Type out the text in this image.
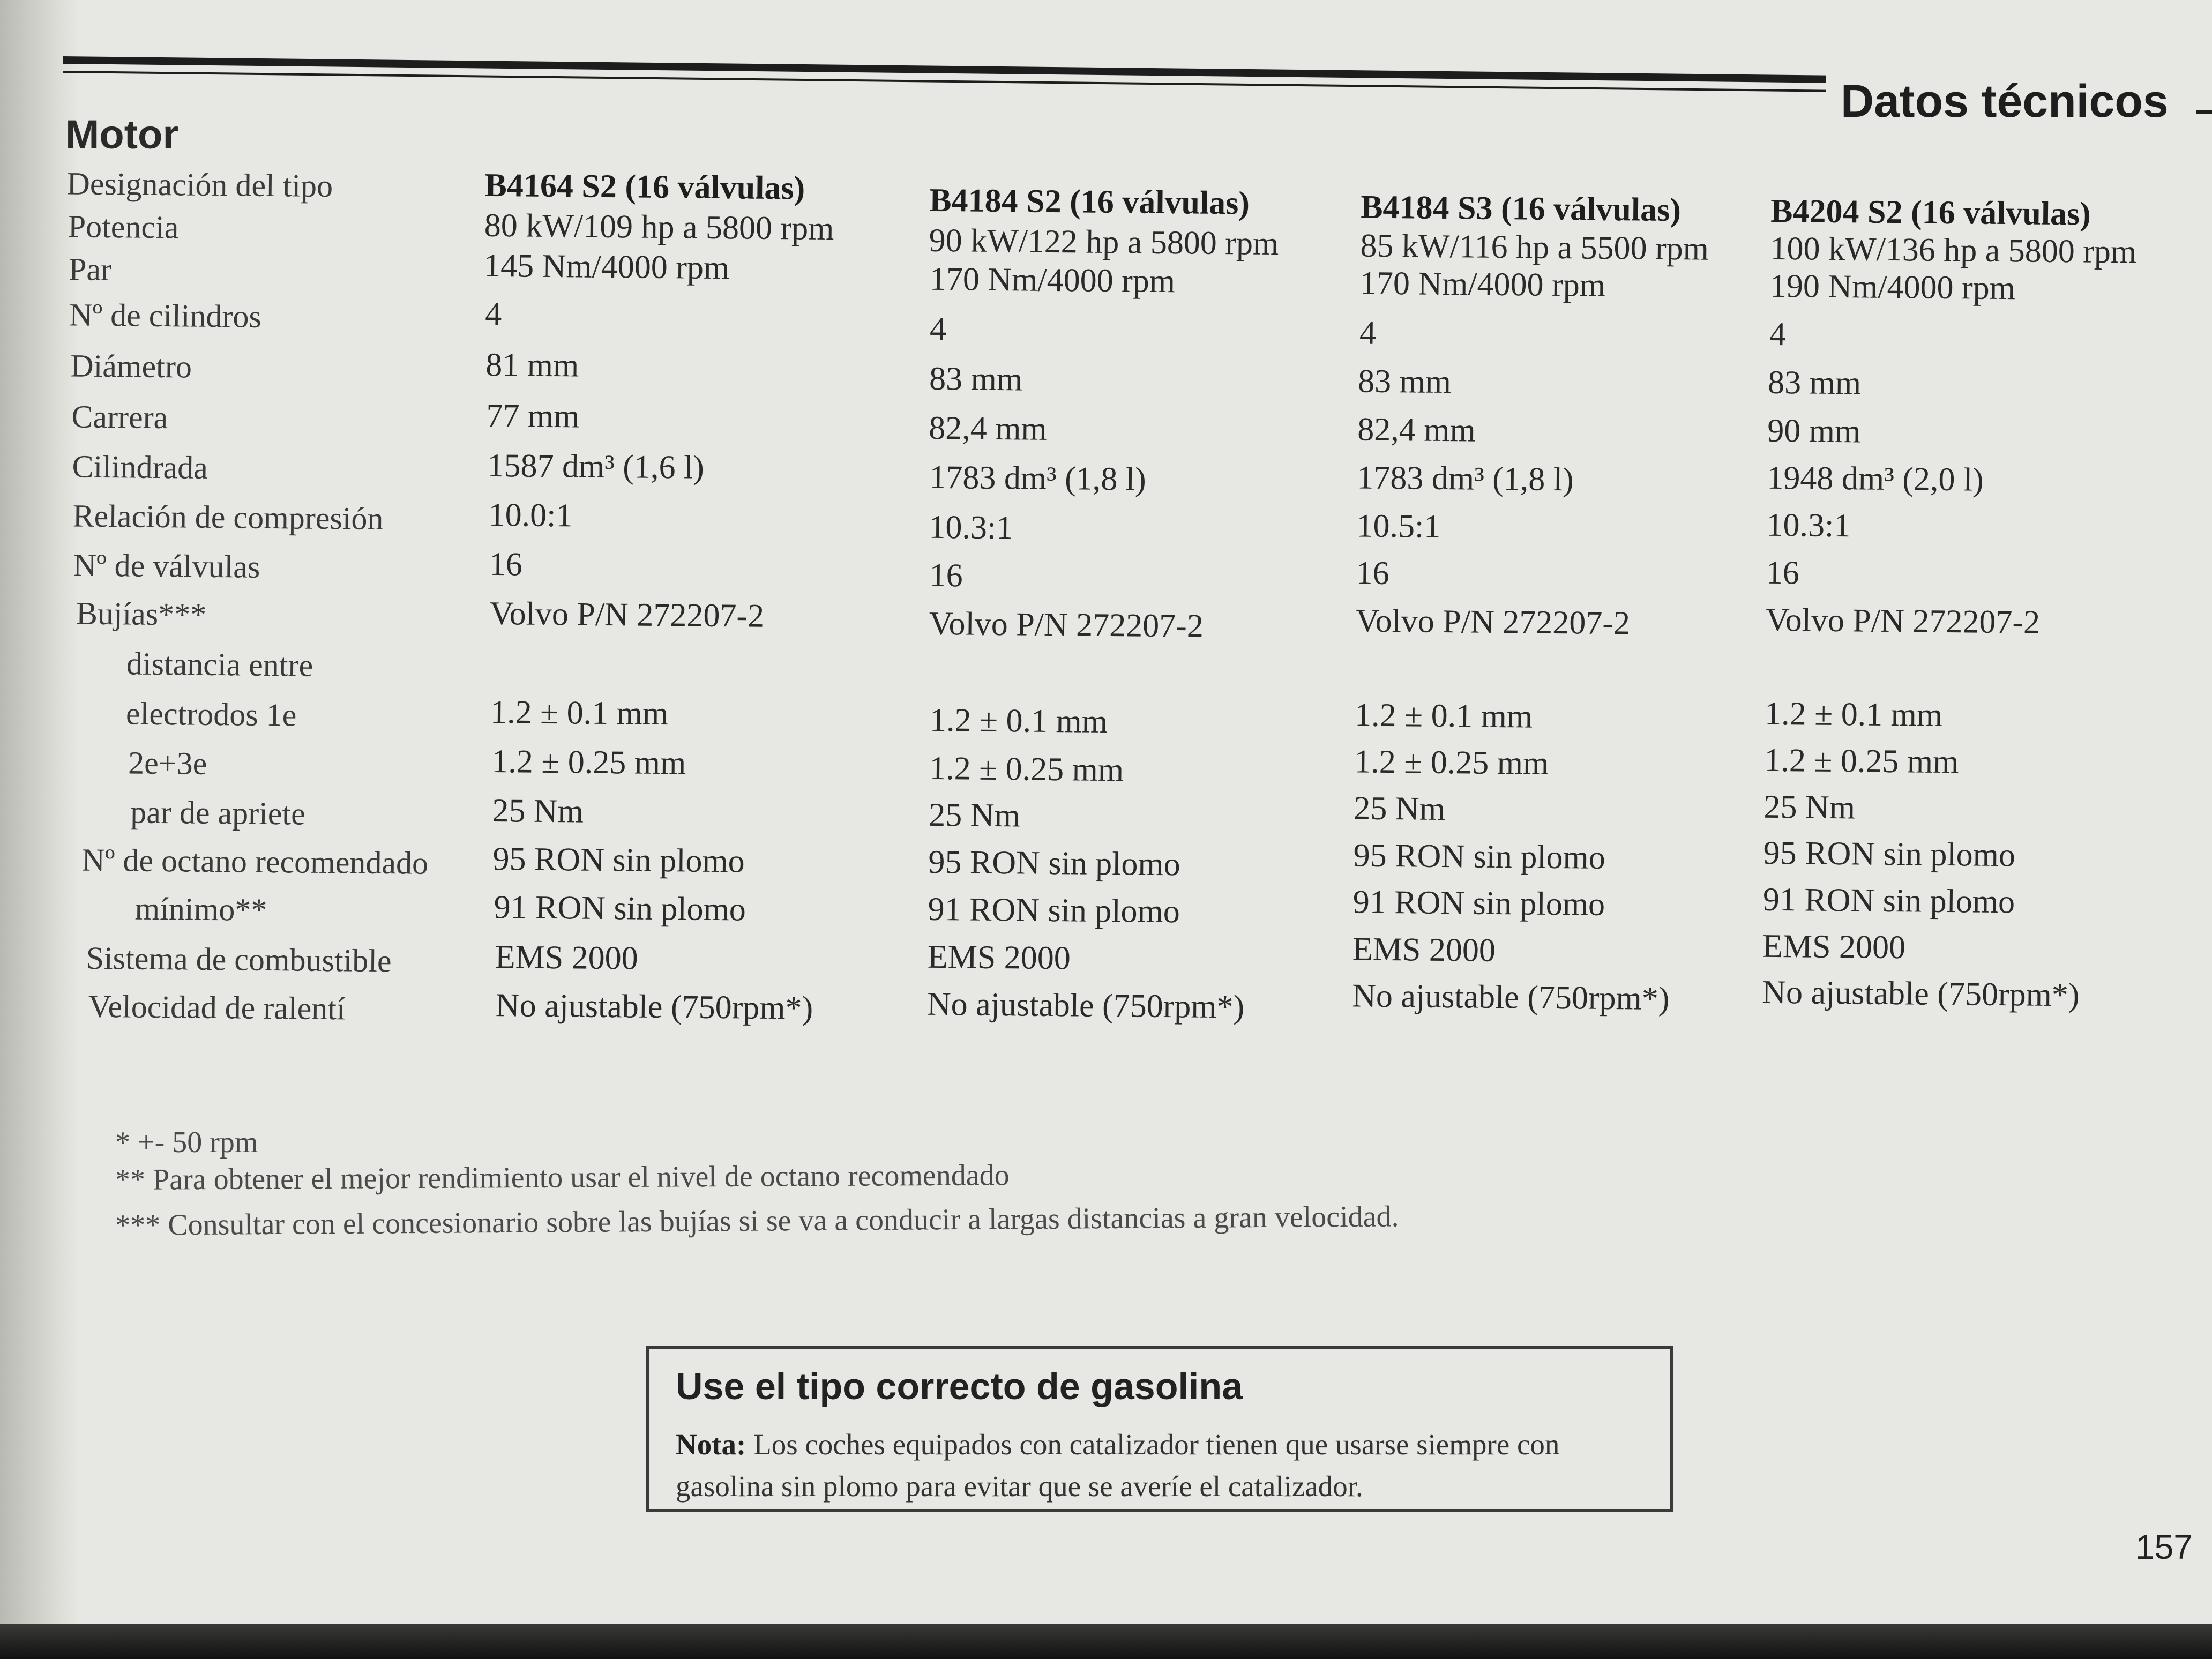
Datos técnicos
Motor
Designación del tipo
Potencia
Par
Nº de cilindros
Diámetro
Carrera
Cilindrada
Relación de compresión
Nº de válvulas
Bujías***
distancia entre
electrodos 1e
2e+3e
par de apriete
Nº de octano recomendado
mínimo**
Sistema de combustible
Velocidad de ralentí
B4164 S2 (16 válvulas)
80 kW/109 hp a 5800 rpm
145 Nm/4000 rpm
4
81 mm
77 mm
1587 dm³ (1,6 l)
10.0:1
16
Volvo P/N 272207-2
1.2 ± 0.1 mm
1.2 ± 0.25 mm
25 Nm
95 RON sin plomo
91 RON sin plomo
EMS 2000
No ajustable (750rpm*)
B4184 S2 (16 válvulas)
90 kW/122 hp a 5800 rpm
170 Nm/4000 rpm
4
83 mm
82,4 mm
1783 dm³ (1,8 l)
10.3:1
16
Volvo P/N 272207-2
1.2 ± 0.1 mm
1.2 ± 0.25 mm
25 Nm
95 RON sin plomo
91 RON sin plomo
EMS 2000
No ajustable (750rpm*)
B4184 S3 (16 válvulas)
85 kW/116 hp a 5500 rpm
170 Nm/4000 rpm
4
83 mm
82,4 mm
1783 dm³ (1,8 l)
10.5:1
16
Volvo P/N 272207-2
1.2 ± 0.1 mm
1.2 ± 0.25 mm
25 Nm
95 RON sin plomo
91 RON sin plomo
EMS 2000
No ajustable (750rpm*)
B4204 S2 (16 válvulas)
100 kW/136 hp a 5800 rpm
190 Nm/4000 rpm
4
83 mm
90 mm
1948 dm³ (2,0 l)
10.3:1
16
Volvo P/N 272207-2
1.2 ± 0.1 mm
1.2 ± 0.25 mm
25 Nm
95 RON sin plomo
91 RON sin plomo
EMS 2000
No ajustable (750rpm*)
* +- 50 rpm
** Para obtener el mejor rendimiento usar el nivel de octano recomendado
*** Consultar con el concesionario sobre las bujías si se va a conducir a largas distancias a gran velocidad.
Use el tipo correcto de gasolina
Nota: Los coches equipados con catalizador tienen que usarse siempre con gasolina sin plomo para evitar que se averíe el catalizador.
157
